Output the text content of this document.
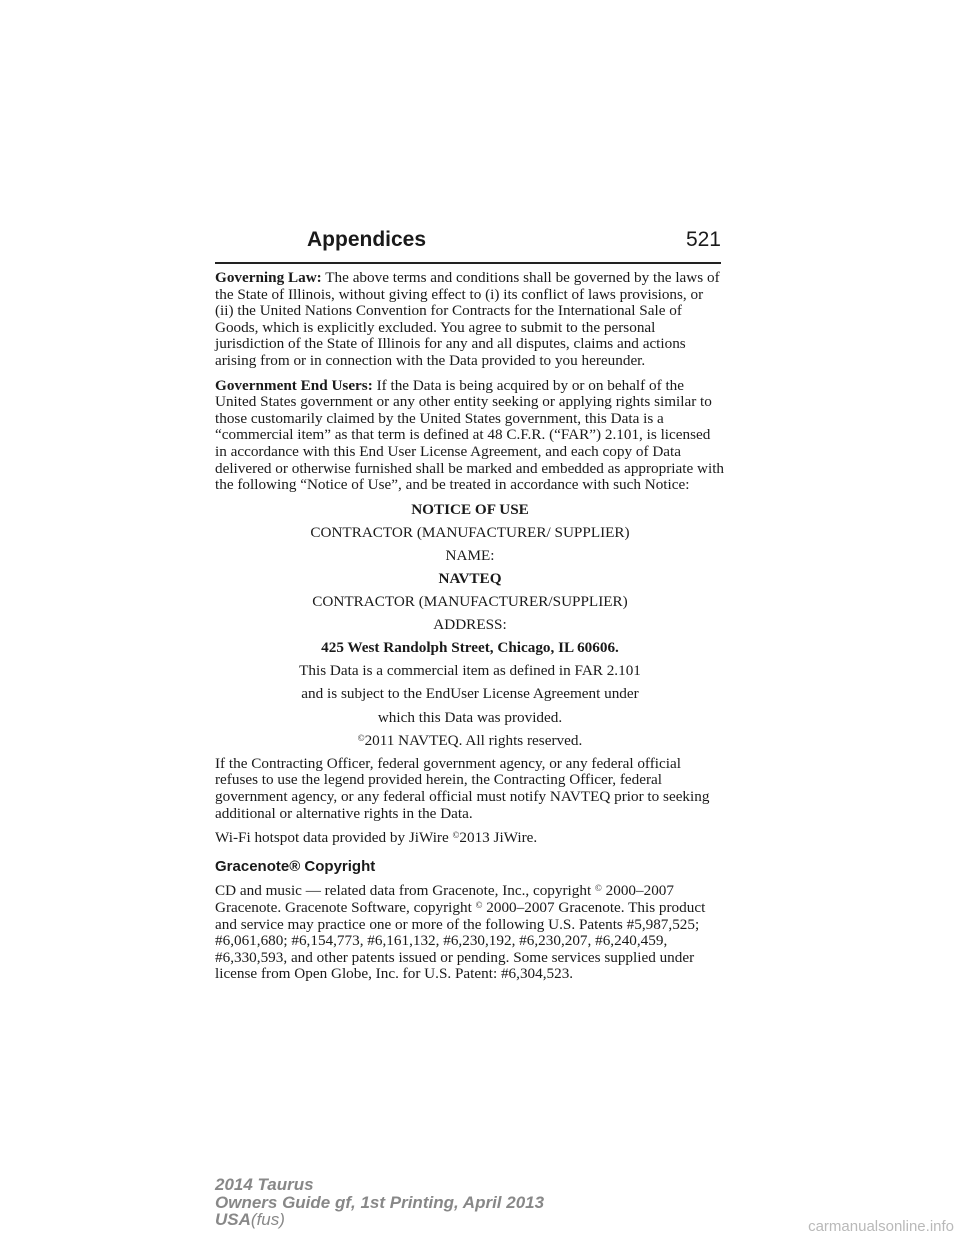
Appendices	521

Governing Law: The above terms and conditions shall be governed by the laws of the State of Illinois, without giving effect to (i) its conflict of laws provisions, or (ii) the United Nations Convention for Contracts for the International Sale of Goods, which is explicitly excluded. You agree to submit to the personal jurisdiction of the State of Illinois for any and all disputes, claims and actions arising from or in connection with the Data provided to you hereunder.

Government End Users: If the Data is being acquired by or on behalf of the United States government or any other entity seeking or applying rights similar to those customarily claimed by the United States government, this Data is a “commercial item” as that term is defined at 48 C.F.R. (“FAR”) 2.101, is licensed in accordance with this End User License Agreement, and each copy of Data delivered or otherwise furnished shall be marked and embedded as appropriate with the following “Notice of Use”, and be treated in accordance with such Notice:

NOTICE OF USE
CONTRACTOR (MANUFACTURER/ SUPPLIER)
NAME:
NAVTEQ
CONTRACTOR (MANUFACTURER/SUPPLIER)
ADDRESS:
425 West Randolph Street, Chicago, IL 60606.
This Data is a commercial item as defined in FAR 2.101
and is subject to the EndUser License Agreement under
which this Data was provided.
©2011 NAVTEQ. All rights reserved.

If the Contracting Officer, federal government agency, or any federal official refuses to use the legend provided herein, the Contracting Officer, federal government agency, or any federal official must notify NAVTEQ prior to seeking additional or alternative rights in the Data.

Wi-Fi hotspot data provided by JiWire ©2013 JiWire.

Gracenote® Copyright

CD and music — related data from Gracenote, Inc., copyright © 2000–2007 Gracenote. Gracenote Software, copyright © 2000–2007 Gracenote. This product and service may practice one or more of the following U.S. Patents #5,987,525; #6,061,680; #6,154,773, #6,161,132, #6,230,192, #6,230,207, #6,240,459, #6,330,593, and other patents issued or pending. Some services supplied under license from Open Globe, Inc. for U.S. Patent: #6,304,523.

2014 Taurus
Owners Guide gf, 1st Printing, April 2013
USA(fus)	carmanualsonline.info
